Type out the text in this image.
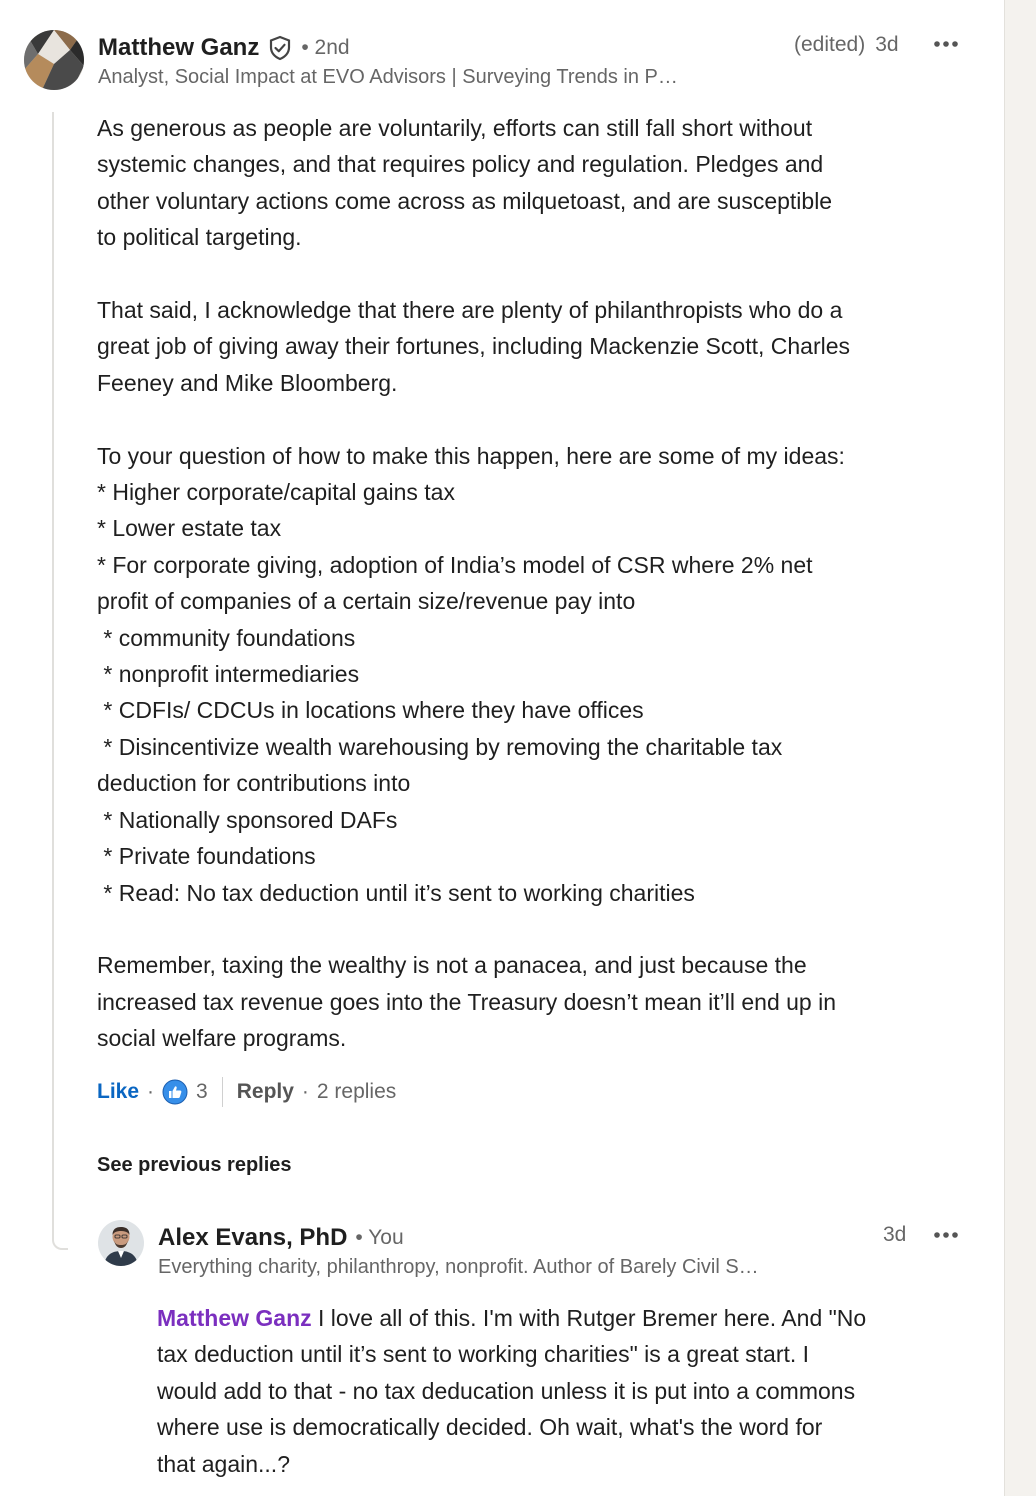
Matthew Ganz • 2nd
Analyst, Social Impact at EVO Advisors | Surveying Trends in P…
(edited) 3d

As generous as people are voluntarily, efforts can still fall short without
systemic changes, and that requires policy and regulation. Pledges and
other voluntary actions come across as milquetoast, and are susceptible
to political targeting.

That said, I acknowledge that there are plenty of philanthropists who do a
great job of giving away their fortunes, including Mackenzie Scott, Charles
Feeney and Mike Bloomberg.

To your question of how to make this happen, here are some of my ideas:
* Higher corporate/capital gains tax
* Lower estate tax
* For corporate giving, adoption of India’s model of CSR where 2% net
profit of companies of a certain size/revenue pay into
* community foundations
* nonprofit intermediaries
* CDFIs/ CDCUs in locations where they have offices
* Disincentivize wealth warehousing by removing the charitable tax
deduction for contributions into
* Nationally sponsored DAFs
* Private foundations
* Read: No tax deduction until it’s sent to working charities

Remember, taxing the wealthy is not a panacea, and just because the
increased tax revenue goes into the Treasury doesn’t mean it’ll end up in
social welfare programs.

Like · 3 Reply · 2 replies
See previous replies
Alex Evans, PhD • You
Everything charity, philanthropy, nonprofit. Author of Barely Civil S…
3d

Matthew Ganz I love all of this. I'm with Rutger Bremer here. And "No
tax deduction until it’s sent to working charities" is a great start. I
would add to that - no tax deducation unless it is put into a commons
where use is democratically decided. Oh wait, what's the word for
that again...?
